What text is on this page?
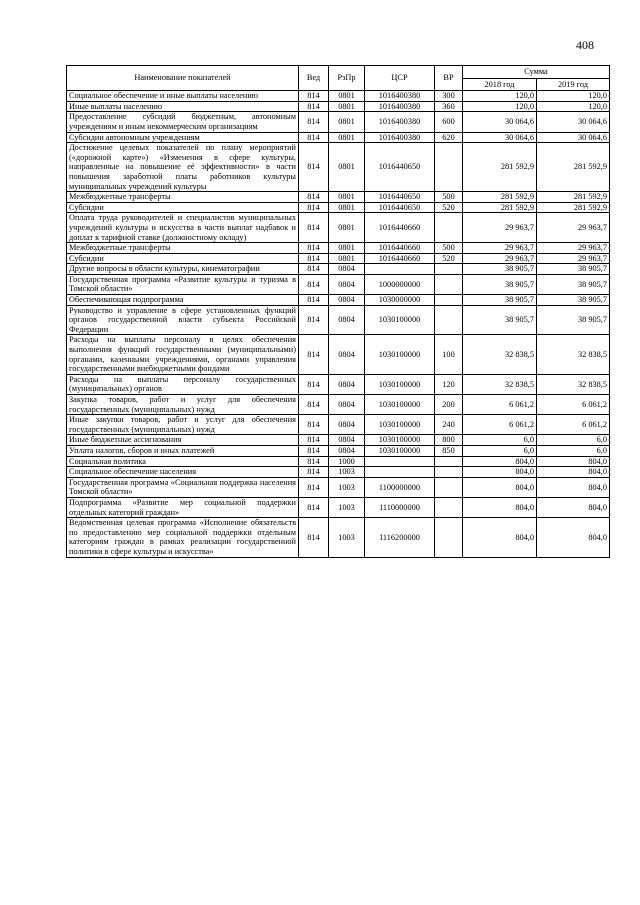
408
Наименование показателей	Вед	РзПр	ЦСР	ВР	Сумма	
					2018 год	2019 год
Социальное обеспечение и иные выплаты населению	814	0801	1016400380	300	120,0	120,0
Иные выплаты населению	814	0801	1016400380	360	120,0	120,0
Предоставление субсидий бюджетным, автономным учреждениям и иным некоммерческим организациям	814	0801	1016400380	600	30 064,6	30 064,6
Субсидии автономным учреждениям	814	0801	1016400380	620	30 064,6	30 064,6
Достижение целевых показателей по плану мероприятий («дорожной карте») «Изменения в сфере культуры, направленные на повышение её эффективности» в части повышения заработной платы работников культуры муниципальных учреждений культуры	814	0801	1016440650		281 592,9	281 592,9
Межбюджетные трансферты	814	0801	1016440650	500	281 592,9	281 592,9
Субсидии	814	0801	1016440650	520	281 592,9	281 592,9
Оплата труда руководителей и специалистов муниципальных учреждений культуры и искусства в части выплат надбавок и доплат к тарифной ставке (должностному окладу)	814	0801	1016440660		29 963,7	29 963,7
Межбюджетные трансферты	814	0801	1016440660	500	29 963,7	29 963,7
Субсидии	814	0801	1016440660	520	29 963,7	29 963,7
Другие вопросы в области культуры, кинематографии	814	0804			38 905,7	38 905,7
Государственная программа «Развитие культуры и туризма в Томской области»	814	0804	1000000000		38 905,7	38 905,7
Обеспечивающая подпрограмма	814	0804	1030000000		38 905,7	38 905,7
Руководство и управление в сфере установленных функций органов государственной власти субъекта Российской Федерации	814	0804	1030100000		38 905,7	38 905,7
Расходы на выплаты персоналу в целях обеспечения выполнения функций государственными (муниципальными) органами, казенными учреждениями, органами управления государственными внебюджетными фондами	814	0804	1030100000	100	32 838,5	32 838,5
Расходы на выплаты персоналу государственных (муниципальных) органов	814	0804	1030100000	120	32 838,5	32 838,5
Закупка товаров, работ и услуг для обеспечения государственных (муниципальных) нужд	814	0804	1030100000	200	6 061,2	6 061,2
Иные закупки товаров, работ и услуг для обеспечения государственных (муниципальных) нужд	814	0804	1030100000	240	6 061,2	6 061,2
Иные бюджетные ассигнования	814	0804	1030100000	800	6,0	6,0
Уплата налогов, сборов и иных платежей	814	0804	1030100000	850	6,0	6,0
Социальная политика	814	1000			804,0	804,0
Социальное обеспечение населения	814	1003			804,0	804,0
Государственная программа «Социальная поддержка населения Томской области»	814	1003	1100000000		804,0	804,0
Подпрограмма «Развитие мер социальной поддержки отдельных категорий граждан»	814	1003	1110000000		804,0	804,0
Ведомственная целевая программа «Исполнение обязательств по предоставлению мер социальной поддержки отдельным категориям граждан в рамках реализации государственной политики в сфере культуры и искусства»	814	1003	1116200000		804,0	804,0
